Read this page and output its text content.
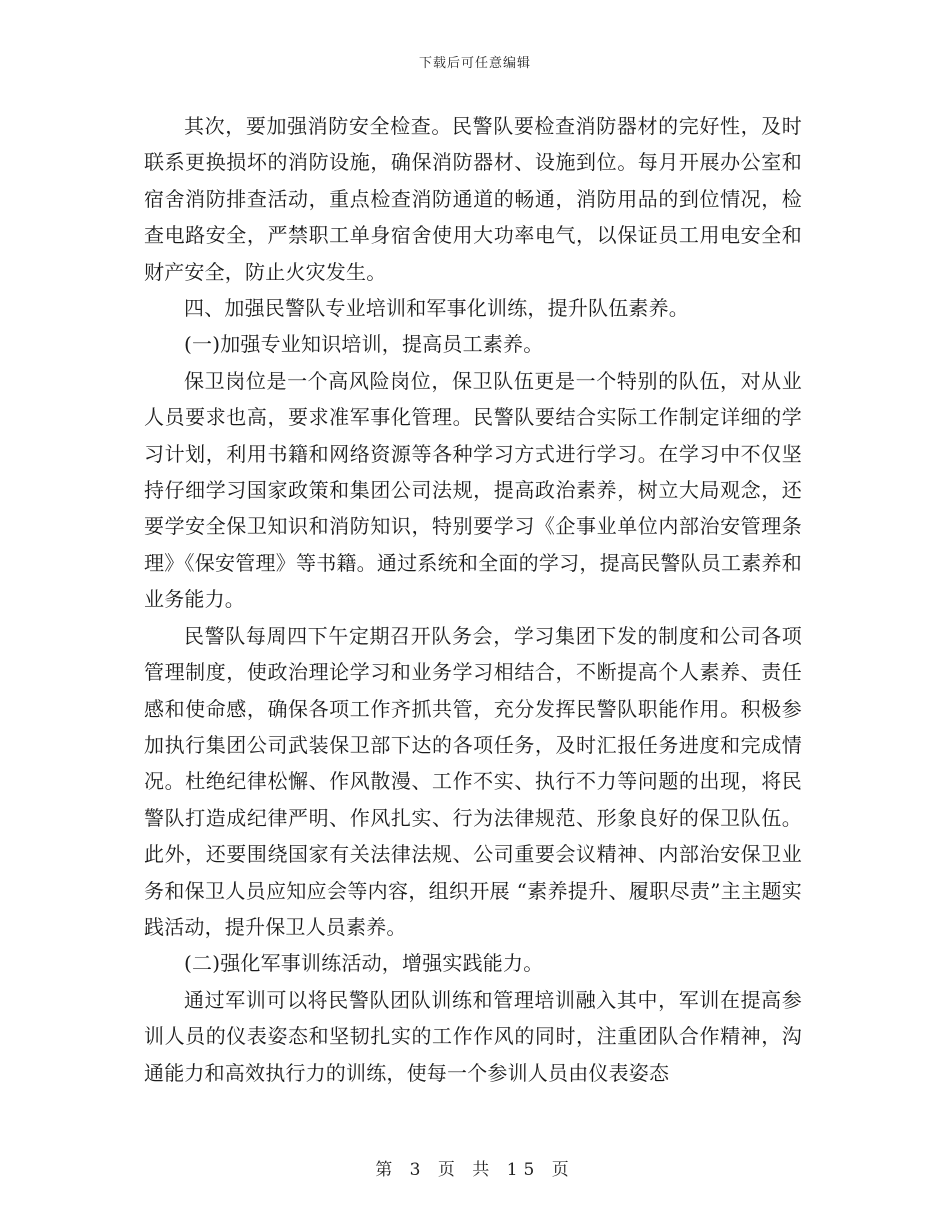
下载后可任意编辑

其次，要加强消防安全检查。民警队要检查消防器材的完好性，及时联系更换损坏的消防设施，确保消防器材、设施到位。每月开展办公室和宿舍消防排查活动，重点检查消防通道的畅通，消防用品的到位情况，检查电路安全，严禁职工单身宿舍使用大功率电气，以保证员工用电安全和财产安全，防止火灾发生。

四、加强民警队专业培训和军事化训练，提升队伍素养。

(一)加强专业知识培训，提高员工素养。

保卫岗位是一个高风险岗位，保卫队伍更是一个特别的队伍，对从业人员要求也高，要求准军事化管理。民警队要结合实际工作制定详细的学习计划，利用书籍和网络资源等各种学习方式进行学习。在学习中不仅坚持仔细学习国家政策和集团公司法规，提高政治素养，树立大局观念，还要学安全保卫知识和消防知识，特别要学习《企事业单位内部治安管理条理》《保安管理》等书籍。通过系统和全面的学习，提高民警队员工素养和业务能力。

民警队每周四下午定期召开队务会，学习集团下发的制度和公司各项管理制度，使政治理论学习和业务学习相结合，不断提高个人素养、责任感和使命感，确保各项工作齐抓共管，充分发挥民警队职能作用。积极参加执行集团公司武装保卫部下达的各项任务，及时汇报任务进度和完成情况。杜绝纪律松懈、作风散漫、工作不实、执行不力等问题的出现，将民警队打造成纪律严明、作风扎实、行为法律规范、形象良好的保卫队伍。此外，还要围绕国家有关法律法规、公司重要会议精神、内部治安保卫业务和保卫人员应知应会等内容，组织开展 “素养提升、履职尽责”主主题实践活动，提升保卫人员素养。

(二)强化军事训练活动，增强实践能力。

通过军训可以将民警队团队训练和管理培训融入其中，军训在提高参训人员的仪表姿态和坚韧扎实的工作作风的同时，注重团队合作精神，沟通能力和高效执行力的训练，使每一个参训人员由仪表姿态

第 3 页 共 15 页
